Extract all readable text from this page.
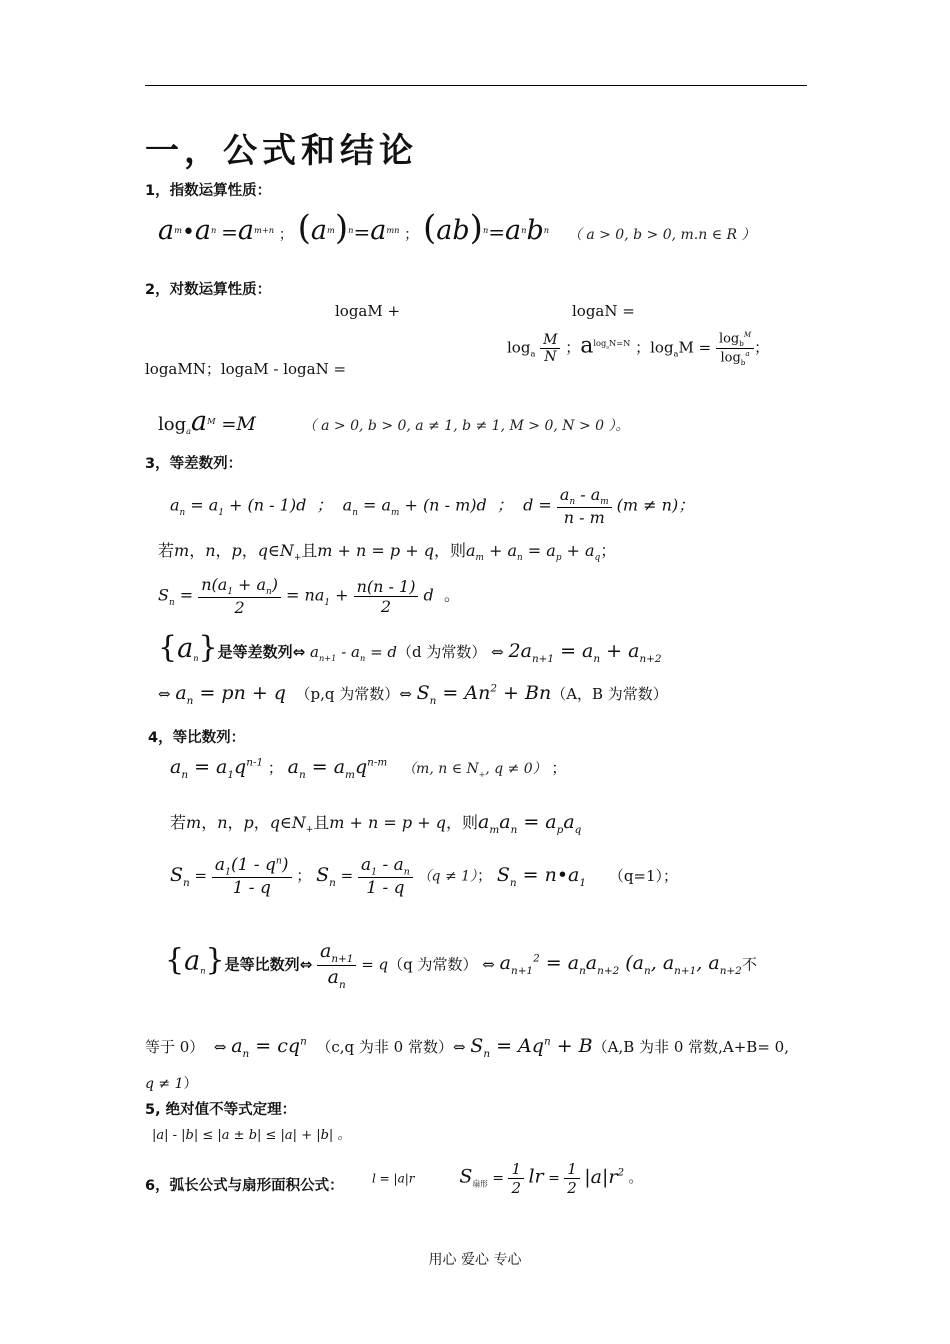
一，公式和结论
1，指数运算性质：
$a^m•a^n =a^{m+n}$ ； $(a^m)^n=a^{mn}$ ； $(ab)^n=a^nb^n$ （ a > 0, b > 0, m.n ∈ R ）
2，对数运算性质：
logaM +	logaN =
logaMN；logaM - logaN =
$\log_a \frac{M}{N}$ ；$a^{log_aN=N}$ ；$\log_aM = \frac{\log_b^M}{\log_b^a}$ ；
$\log_aa^M =M$	（ a > 0, b > 0, a ≠ 1, b ≠ 1, M > 0, N > 0 ）。
3，等差数列：
$a_n = a_1 + (n - 1)d$  ；  $a_n = a_m + (n - m)d$  ；  $d = \frac{a_n - a_m}{n - m} (m \ne n)$；
若m，n，p，$q\in N_+$且m + n = p + q，则$a_m + a_n = a_p + a_q$；
$S_n = \frac{n(a_1 + a_n)}{2} = na_1 + \frac{n(n - 1)}{2}$ d  。
$\{a_n\}$是等差数列⇔ $a_{n+1} - a_n = d(d$ 为常数） ⇔ $2a_{n+1} = a_n + a_{n+2}$
⇔ $a_n$ = pn + q  （p,q 为常数）⇔ $S_n = An^2 + Bn(A$，B 为常数）
4，等比数列：
$a_n = a_1q^{n-1}$ ； $a_n = a_mq^{n-m}$ （m, n ∈ $N_+$, q ≠ 0） ；
若m，n，p，$q\in N_+$且m + n = p + q，则$a_ma_n = a_pa_q$
$S_n = \frac{a_1(1 - q^n)}{1 - q}$ ； $S_n = \frac{a_1 - a_n}{1 - q} (q \ne 1)$； $S_n$ = $n•a_1$ （q=1）；
$\{a_n\}$是等比数列⇔ $\frac{a_{n+1}}{a_n} = q(q$ 为常数） ⇔ $a_{n+1}^2 = a_na_{n+2}$ ($a_n$, $a_{n+1}$, $a_{n+2}$不
等于 0）  ⇔ $a_n = cq^n$  （c,q 为非 0 常数）⇔ $S_n = Aq^n + B(A,B$ 为非 0 常数,A+B= 0,
q ≠ 1）
5, 绝对值不等式定理：
|a| - |b| ≤ |a ± b| ≤ |a| + |b| 。
6，弧长公式与扇形面积公式： l = |a|r $S_{扇形} = \frac{1}{2}$ lr = $\frac{1}{2} |a|r^2$ 。
用心 爱心 专心
